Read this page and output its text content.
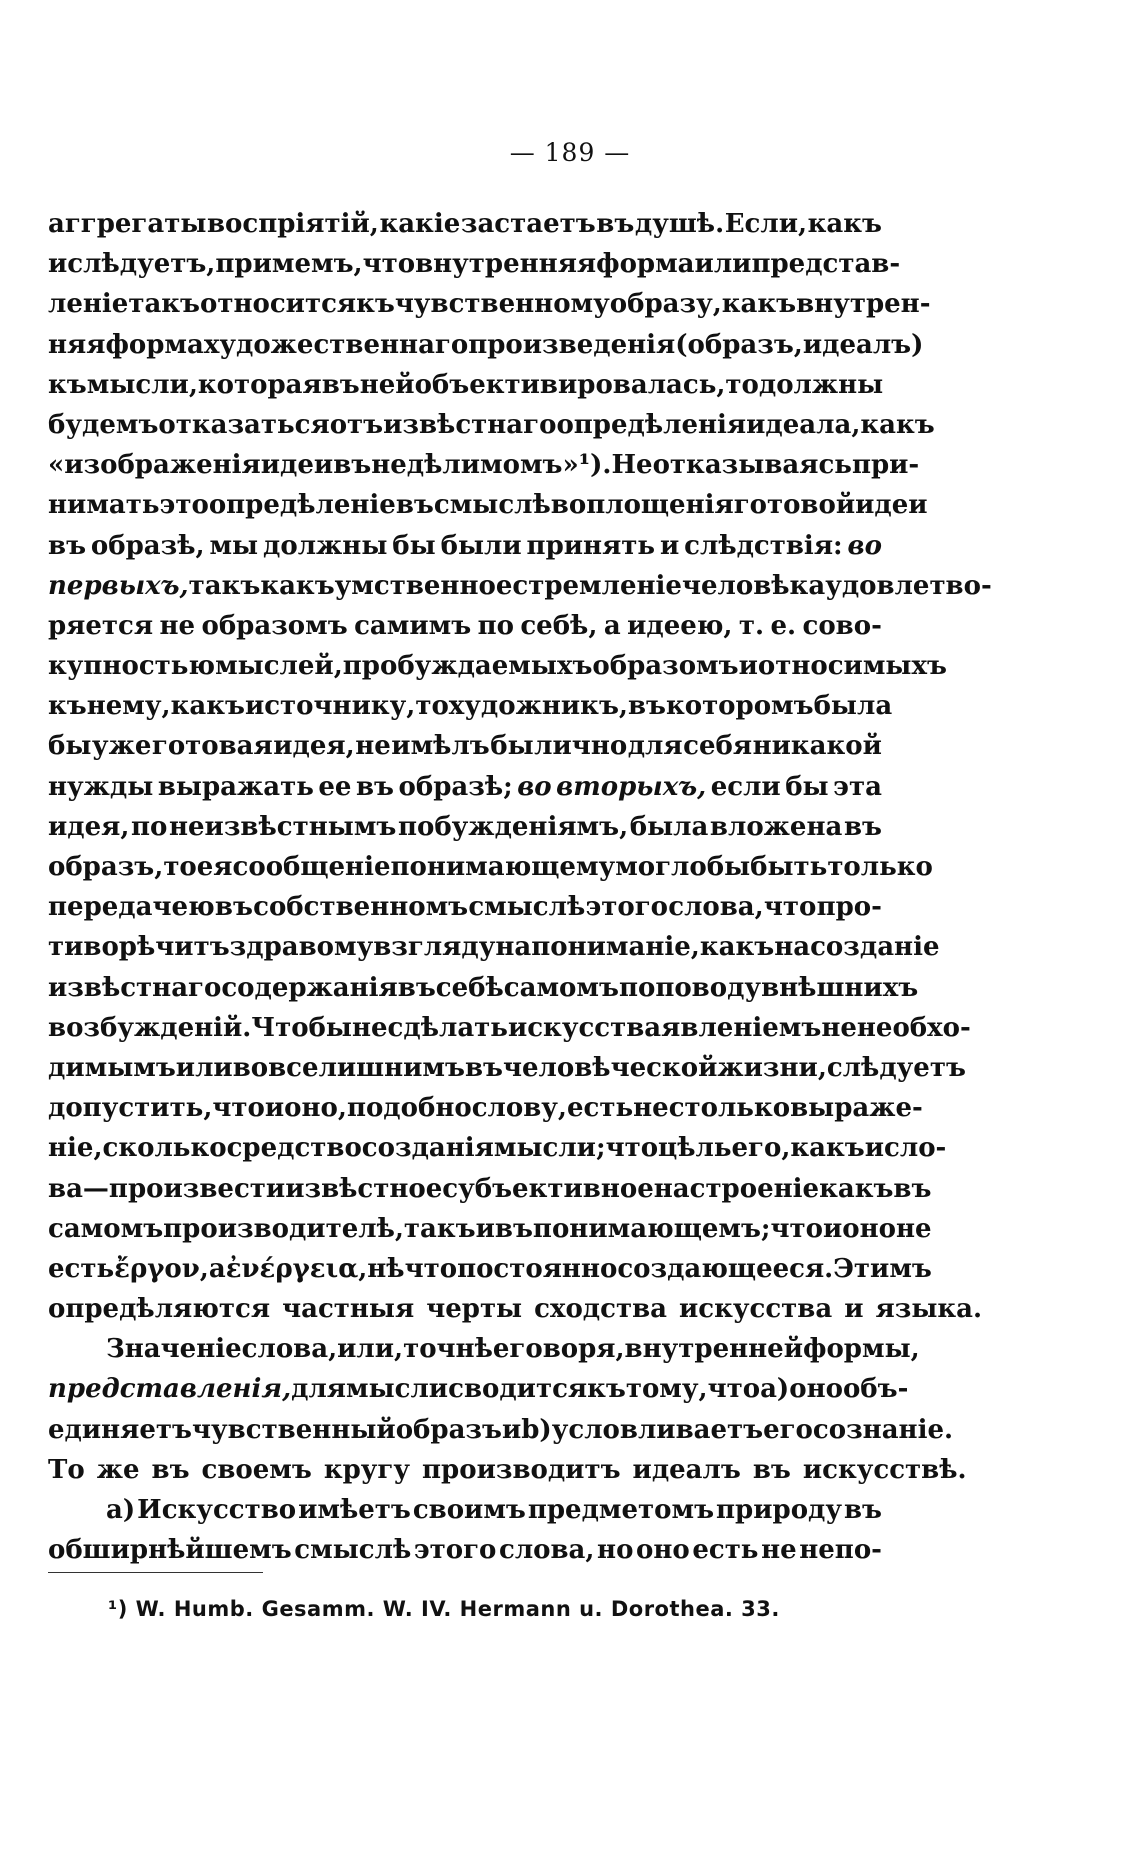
— 189 —
аггрегаты воспріятій, какіе застаетъ въ душѣ. Если, какъ
и слѣдуетъ, примемъ, что внутренняя форма или представ-
леніе такъ относится къ чувственному образу, какъ внутрен-
няя форма художественнаго произведенія (образъ, идеалъ)
къ мысли, которая въ ней объективировалась, то должны
будемъ отказаться отъ извѣстнаго опредѣленія идеала, какъ
«изображенія идеи въ недѣлимомъ» ¹). Не отказываясь при-
нимать это опредѣленіе въ смыслѣ воплощенія готовой идеи
въ образѣ, мы должны бы были принять и слѣдствія: во
первыхъ, такъ какъ умственное стремленіе человѣка удовлетво-
ряется не образомъ самимъ по себѣ, а идеею, т. е. сово-
купностью мыслей, пробуждаемыхъ образомъ и относимыхъ
къ нему, какъ источнику, то художникъ, въ которомъ была
бы уже готовая идея, не имѣлъ бы лично для себя никакой
нужды выражать ее въ образѣ; во вторыхъ, если бы эта
идея, по неизвѣстнымъ побужденіямъ, была вложена въ
образъ, то ея сообщеніе понимающему могло бы быть только
передачею въ собственномъ смыслѣ этого слова, что про-
тиворѣчитъ здравому взгляду на пониманіе, какъ на созданіе
извѣстнаго содержанія въ себѣ самомъ по поводу внѣшнихъ
возбужденій. Чтобы не сдѣлать искусства явленіемъ не необхо-
димымъ или вовсе лишнимъ въ человѣческой жизни, слѣдуетъ
допустить, что и оно, подобно слову, есть не столько выраже-
ніе, сколько средство созданія мысли; что цѣль его, какъ и сло-
ва—произвести извѣстное субъективное настроеніе какъ въ
самомъ производителѣ, такъ и въ понимающемъ; что и оно не
есть ἔργον, а ἐνέργεια, нѣчто постоянно создающееся. Этимъ
опредѣляются частныя черты сходства искусства и языка.
Значеніе слова, или, точнѣе говоря, внутренней формы,
представленія, для мысли сводится къ тому, что а) оно объ-
единяетъ чувственный образъ и b) условливаетъ его сознаніе.
То же въ своемъ кругу производитъ идеалъ въ искусствѣ.
а) Искусство имѣетъ своимъ предметомъ природу въ
обширнѣйшемъ смыслѣ этого слова, но оно есть не непо-
¹) W. Humb. Gesamm. W. IV. Hermann u. Dorothea. 33.
